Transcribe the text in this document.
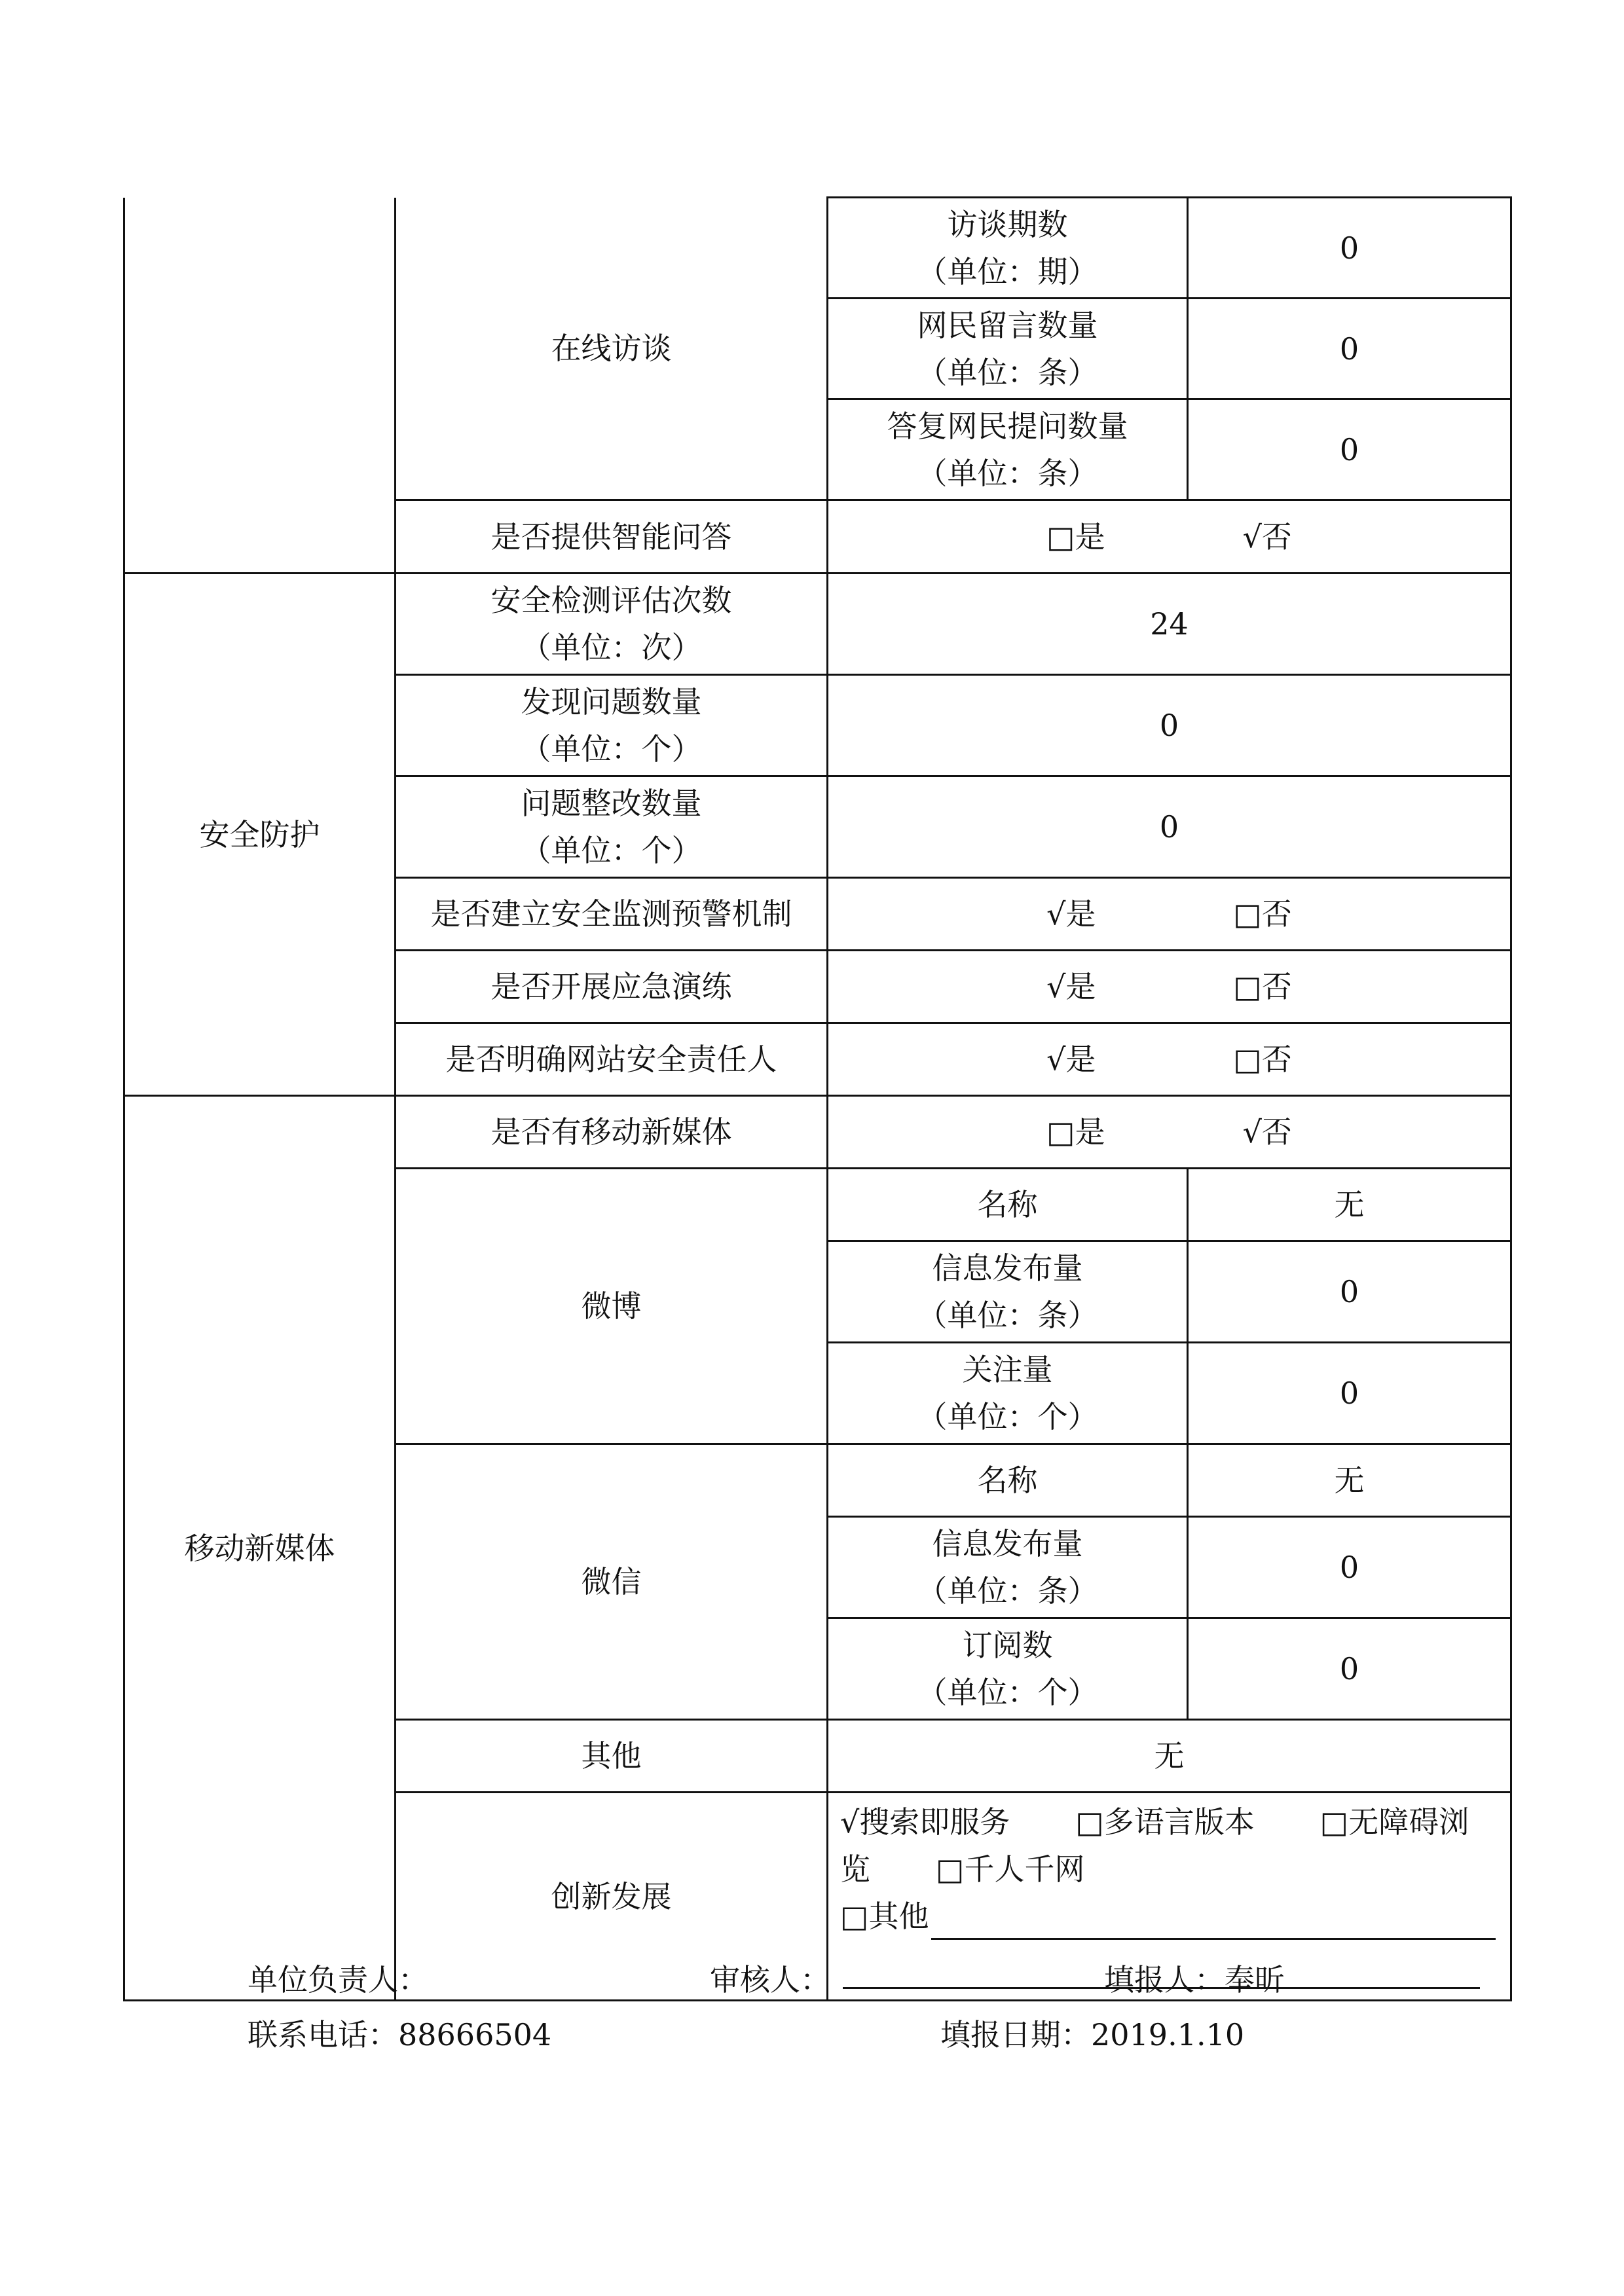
	在线访谈	访谈期数
（单位：期）	0

		网民留言数量
（单位：条）	0

		答复网民提问数量
（单位：条）	0
	是否提供智能问答	□是 √否	
安全防护	安全检测评估次数
（单位：次）	24	

	发现问题数量
（单位：个）	0	

	问题整改数量
（单位：个）	0	
	是否建立安全监测预警机制	√是 □否	
	是否开展应急演练	√是 □否	
	是否明确网站安全责任人	√是 □否	
移动新媒体	是否有移动新媒体	□是 √否	
	微博	名称	无

		信息发布量
（单位：条）	0

		关注量
（单位：个）	0
	微信	名称	无

		信息发布量
（单位：条）	0

		订阅数
（单位：个）	0
	其他	无	
	创新发展	√搜索即服务 □多语言版本 □无障碍浏览 □千人千网
□其他	
单位负责人：	审核人：	填报人：奉昕
联系电话：88666504	填报日期：2019.1.10
